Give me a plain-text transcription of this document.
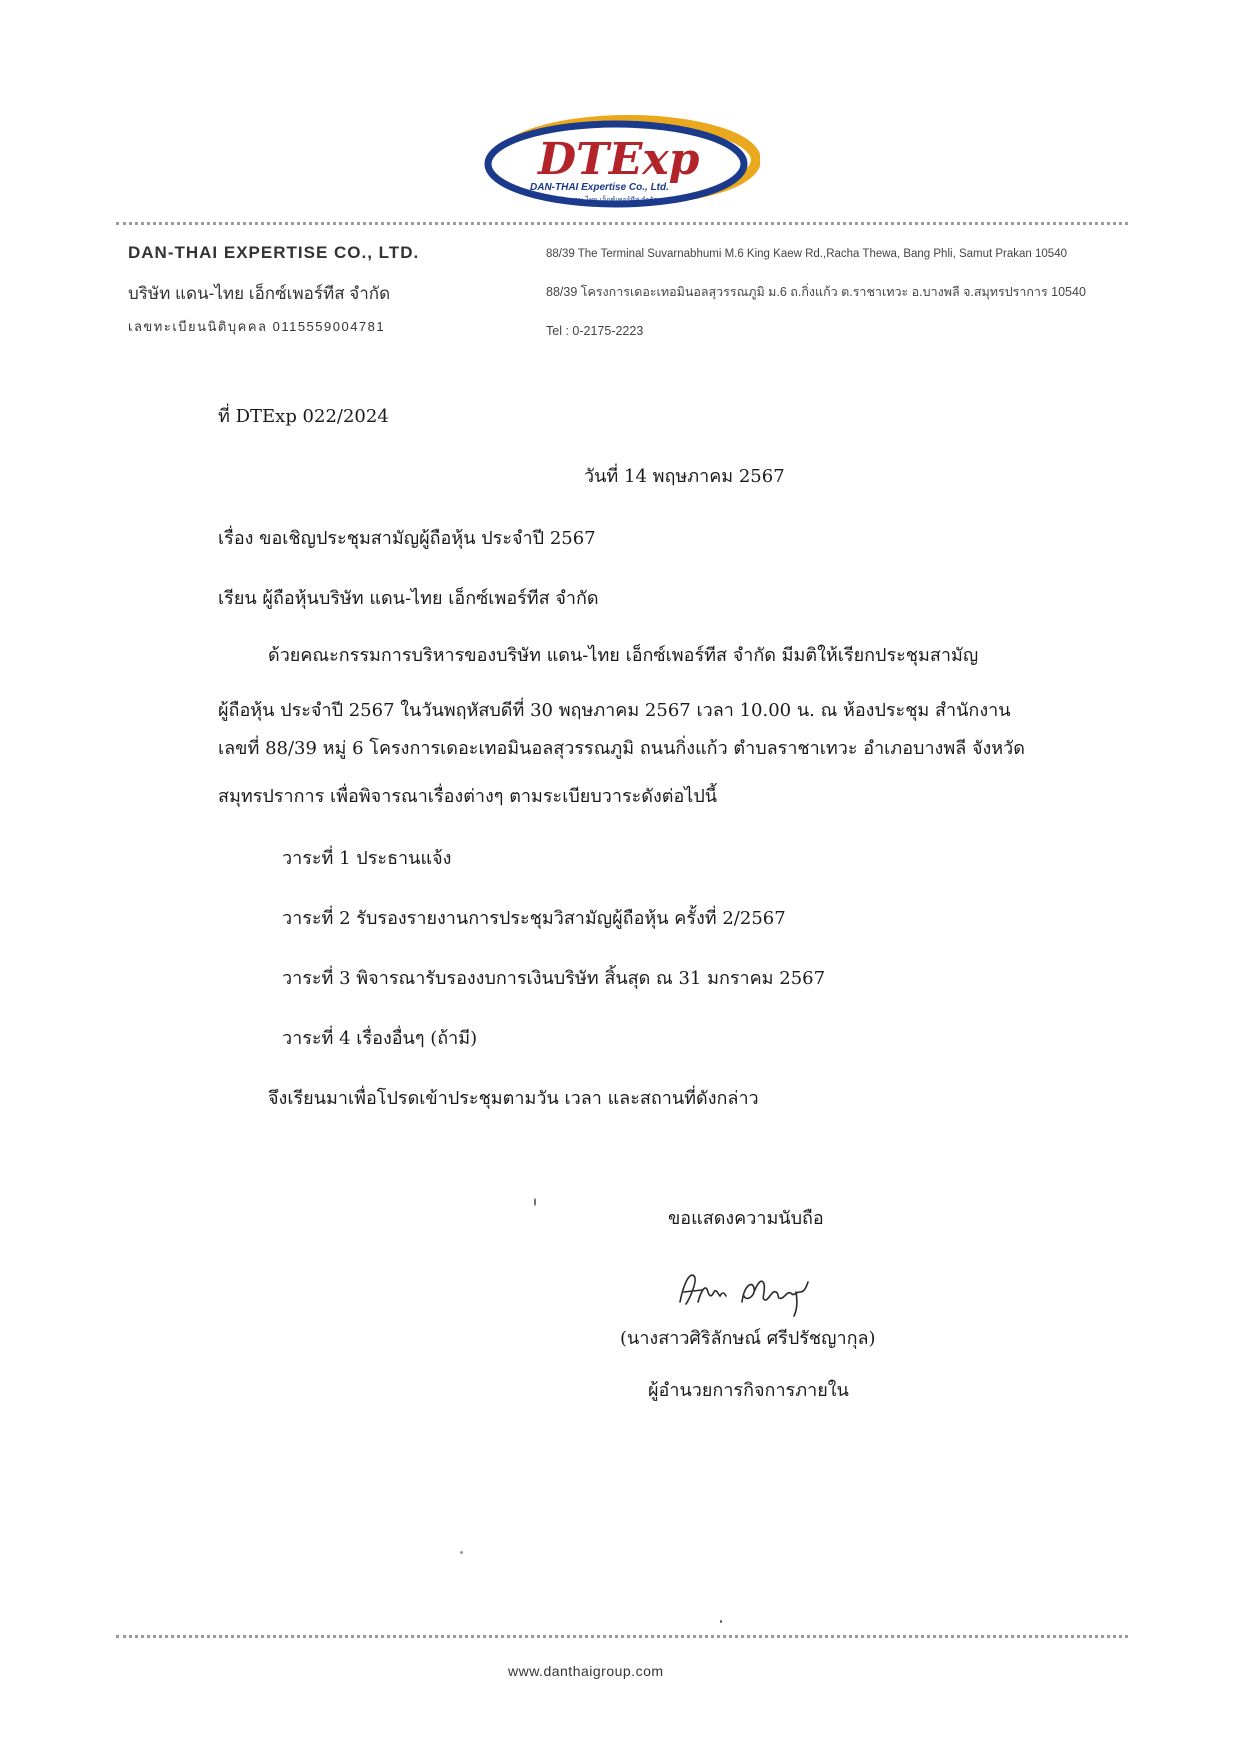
DTExp
DAN-THAI Expertise Co., Ltd.
บริษัท แดน-ไทย เอ็กซ์เพอร์ทีส จำกัด
DAN-THAI EXPERTISE CO., LTD.
บริษัท แดน-ไทย เอ็กซ์เพอร์ทีส จำกัด
เลขทะเบียนนิติบุคคล 0115559004781
88/39 The Terminal Suvarnabhumi M.6 King Kaew Rd.,Racha Thewa, Bang Phli, Samut Prakan 10540
88/39 โครงการเดอะเทอมินอลสุวรรณภูมิ ม.6 ถ.กิ่งแก้ว ต.ราชาเทวะ อ.บางพลี จ.สมุทรปราการ 10540
Tel : 0-2175-2223
ที่ DTExp 022/2024
วันที่ 14 พฤษภาคม 2567
เรื่อง ขอเชิญประชุมสามัญผู้ถือหุ้น ประจำปี 2567
เรียน ผู้ถือหุ้นบริษัท แดน-ไทย เอ็กซ์เพอร์ทีส จำกัด
ด้วยคณะกรรมการบริหารของบริษัท แดน-ไทย เอ็กซ์เพอร์ทีส จำกัด มีมติให้เรียกประชุมสามัญ
ผู้ถือหุ้น ประจำปี 2567 ในวันพฤหัสบดีที่ 30 พฤษภาคม 2567 เวลา 10.00 น. ณ ห้องประชุม สำนักงาน
เลขที่ 88/39 หมู่ 6 โครงการเดอะเทอมินอลสุวรรณภูมิ ถนนกิ่งแก้ว ตำบลราชาเทวะ อำเภอบางพลี จังหวัด
สมุทรปราการ เพื่อพิจารณาเรื่องต่างๆ ตามระเบียบวาระดังต่อไปนี้
วาระที่ 1 ประธานแจ้ง
วาระที่ 2 รับรองรายงานการประชุมวิสามัญผู้ถือหุ้น ครั้งที่ 2/2567
วาระที่ 3 พิจารณารับรองงบการเงินบริษัท สิ้นสุด ณ 31 มกราคม 2567
วาระที่ 4 เรื่องอื่นๆ (ถ้ามี)
จึงเรียนมาเพื่อโปรดเข้าประชุมตามวัน เวลา และสถานที่ดังกล่าว
ขอแสดงความนับถือ
(นางสาวศิริลักษณ์ ศรีปรัชญากุล)
ผู้อำนวยการกิจการภายใน
www.danthaigroup.com
